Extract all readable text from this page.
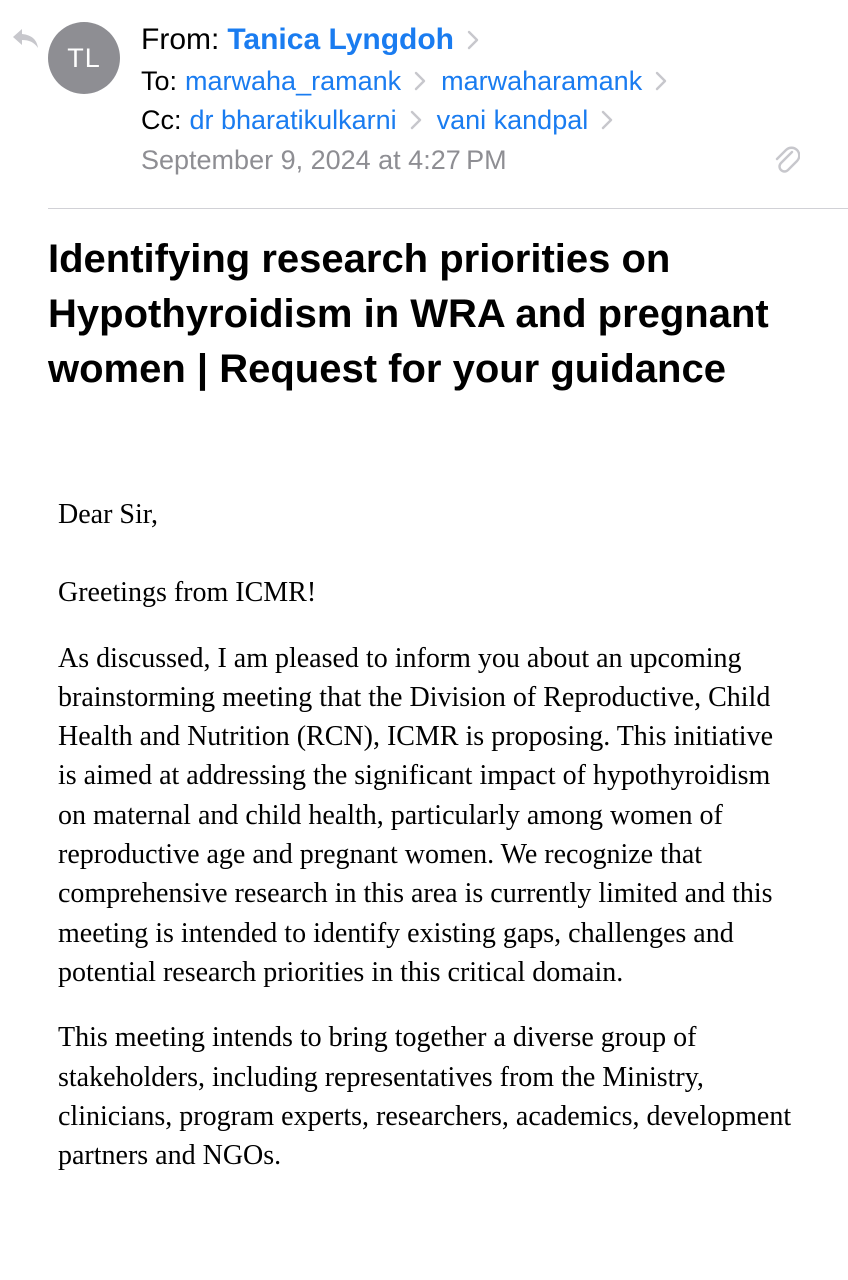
TL
From: Tanica Lyngdoh
To: marwaha_ramank marwaharamank
Cc: dr bharatikulkarni vani kandpal
September 9, 2024 at 4:27 PM
Identifying research priorities on Hypothyroidism in WRA and pregnant women | Request for your guidance

Dear Sir,

Greetings from ICMR!

As discussed, I am pleased to inform you about an upcoming brainstorming meeting that the Division of Reproductive, Child Health and Nutrition (RCN), ICMR is proposing. This initiative is aimed at addressing the significant impact of hypothyroidism on maternal and child health, particularly among women of reproductive age and pregnant women. We recognize that comprehensive research in this area is currently limited and this meeting is intended to identify existing gaps, challenges and potential research priorities in this critical domain.

This meeting intends to bring together a diverse group of stakeholders, including representatives from the Ministry, clinicians, program experts, researchers, academics, development partners and NGOs.
